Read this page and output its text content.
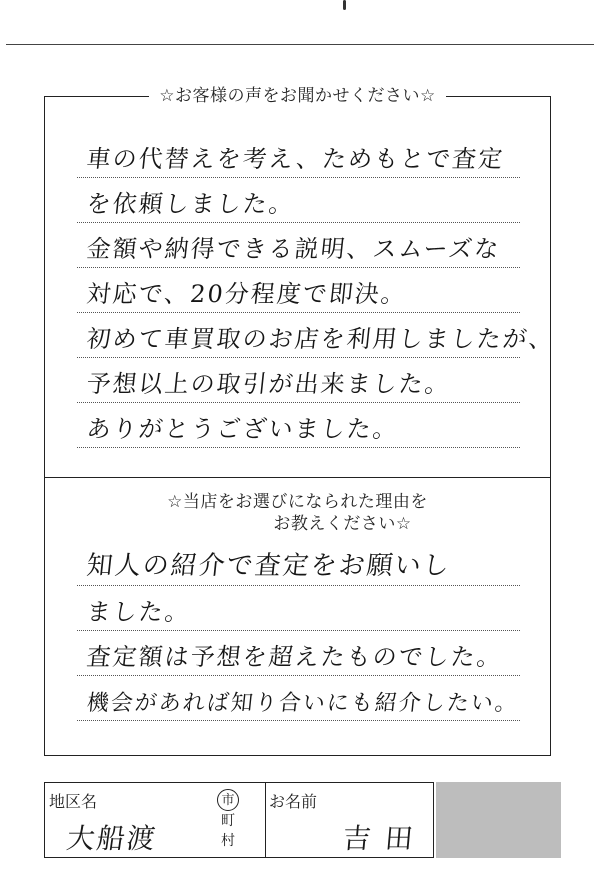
☆お客様の声をお聞かせください☆
車の代替えを考え、ためもとで査定
を依頼しました。
金額や納得できる説明、スムーズな
対応で、20分程度で即決。
初めて車買取のお店を利用しましたが、
予想以上の取引が出来ました。
ありがとうございました。
☆当店をお選びになられた理由を
お教えください☆
知人の紹介で査定をお願いし
ました。
査定額は予想を超えたものでした。
機会があれば知り合いにも紹介したい。
地区名	市
町
村
大船渡
お名前
吉田
